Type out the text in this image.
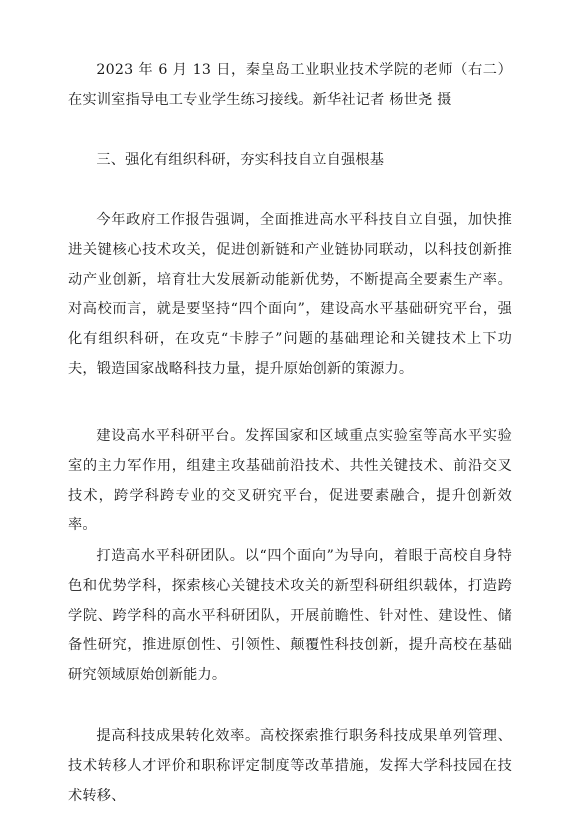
2023 年 6 月 13 日，秦皇岛工业职业技术学院的老师（右二）在实训室指导电工专业学生练习接线。新华社记者 杨世尧 摄

三、强化有组织科研，夯实科技自立自强根基

今年政府工作报告强调，全面推进高水平科技自立自强，加快推进关键核心技术攻关，促进创新链和产业链协同联动，以科技创新推动产业创新，培育壮大发展新动能新优势，不断提高全要素生产率。对高校而言，就是要坚持“四个面向”，建设高水平基础研究平台，强化有组织科研，在攻克“卡脖子”问题的基础理论和关键技术上下功夫，锻造国家战略科技力量，提升原始创新的策源力。

建设高水平科研平台。发挥国家和区域重点实验室等高水平实验室的主力军作用，组建主攻基础前沿技术、共性关键技术、前沿交叉技术，跨学科跨专业的交叉研究平台，促进要素融合，提升创新效率。

打造高水平科研团队。以“四个面向”为导向，着眼于高校自身特色和优势学科，探索核心关键技术攻关的新型科研组织载体，打造跨学院、跨学科的高水平科研团队，开展前瞻性、针对性、建设性、储备性研究，推进原创性、引领性、颠覆性科技创新，提升高校在基础研究领域原始创新能力。

提高科技成果转化效率。高校探索推行职务科技成果单列管理、技术转移人才评价和职称评定制度等改革措施，发挥大学科技园在技术转移、
